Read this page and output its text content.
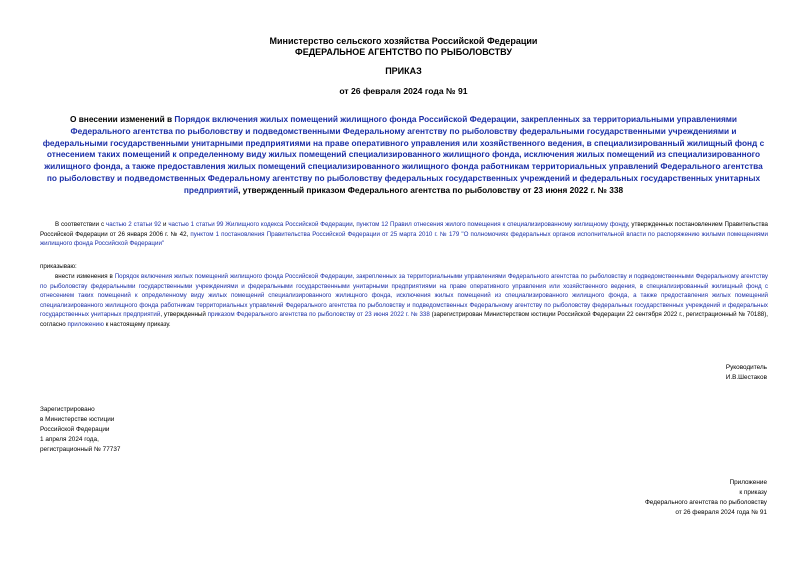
Министерство сельского хозяйства Российской Федерации
ФЕДЕРАЛЬНОЕ АГЕНТСТВО ПО РЫБОЛОВСТВУ
ПРИКАЗ
от 26 февраля 2024 года № 91
О внесении изменений в Порядок включения жилых помещений жилищного фонда Российской Федерации, закрепленных за территориальными управлениями Федерального агентства по рыболовству и подведомственными Федеральному агентству по рыболовству федеральными государственными учреждениями и федеральными государственными унитарными предприятиями на праве оперативного управления или хозяйственного ведения, в специализированный жилищный фонд с отнесением таких помещений к определенному виду жилых помещений специализированного жилищного фонда, исключения жилых помещений из специализированного жилищного фонда, а также предоставления жилых помещений специализированного жилищного фонда работникам территориальных управлений Федерального агентства по рыболовству и подведомственных Федеральному агентству по рыболовству федеральных государственных учреждений и федеральных государственных унитарных предприятий, утвержденный приказом Федерального агентства по рыболовству от 23 июня 2022 г. № 338
В соответствии с частью 2 статьи 92 и частью 1 статьи 99 Жилищного кодекса Российской Федерации, пунктом 12 Правил отнесения жилого помещения к специализированному жилищному фонду, утвержденных постановлением Правительства Российской Федерации от 26 января 2006 г. № 42, пунктом 1 постановления Правительства Российской Федерации от 25 марта 2010 г. № 179 "О полномочиях федеральных органов исполнительной власти по распоряжению жилыми помещениями жилищного фонда Российской Федерации"
приказываю:
внести изменения в Порядок включения жилых помещений жилищного фонда Российской Федерации, закрепленных за территориальными управлениями Федерального агентства по рыболовству и подведомственными Федеральному агентству по рыболовству федеральными государственными учреждениями и федеральными государственными унитарными предприятиями на праве оперативного управления или хозяйственного ведения, в специализированный жилищный фонд с отнесением таких помещений к определенному виду жилых помещений специализированного жилищного фонда, исключения жилых помещений из специализированного жилищного фонда, а также предоставления жилых помещений специализированного жилищного фонда работникам территориальных управлений Федерального агентства по рыболовству и подведомственных Федеральному агентству по рыболовству федеральных государственных учреждений и федеральных государственных унитарных предприятий, утвержденный приказом Федерального агентства по рыболовству от 23 июня 2022 г. № 338 (зарегистрирован Министерством юстиции Российской Федерации 22 сентября 2022 г., регистрационный № 70188), согласно приложению к настоящему приказу.
Руководитель
И.В.Шестаков
Зарегистрировано
в Министерстве юстиции
Российской Федерации
1 апреля 2024 года,
регистрационный № 77737
Приложение
к приказу
Федерального агентства по рыболовству
от 26 февраля 2024 года № 91
